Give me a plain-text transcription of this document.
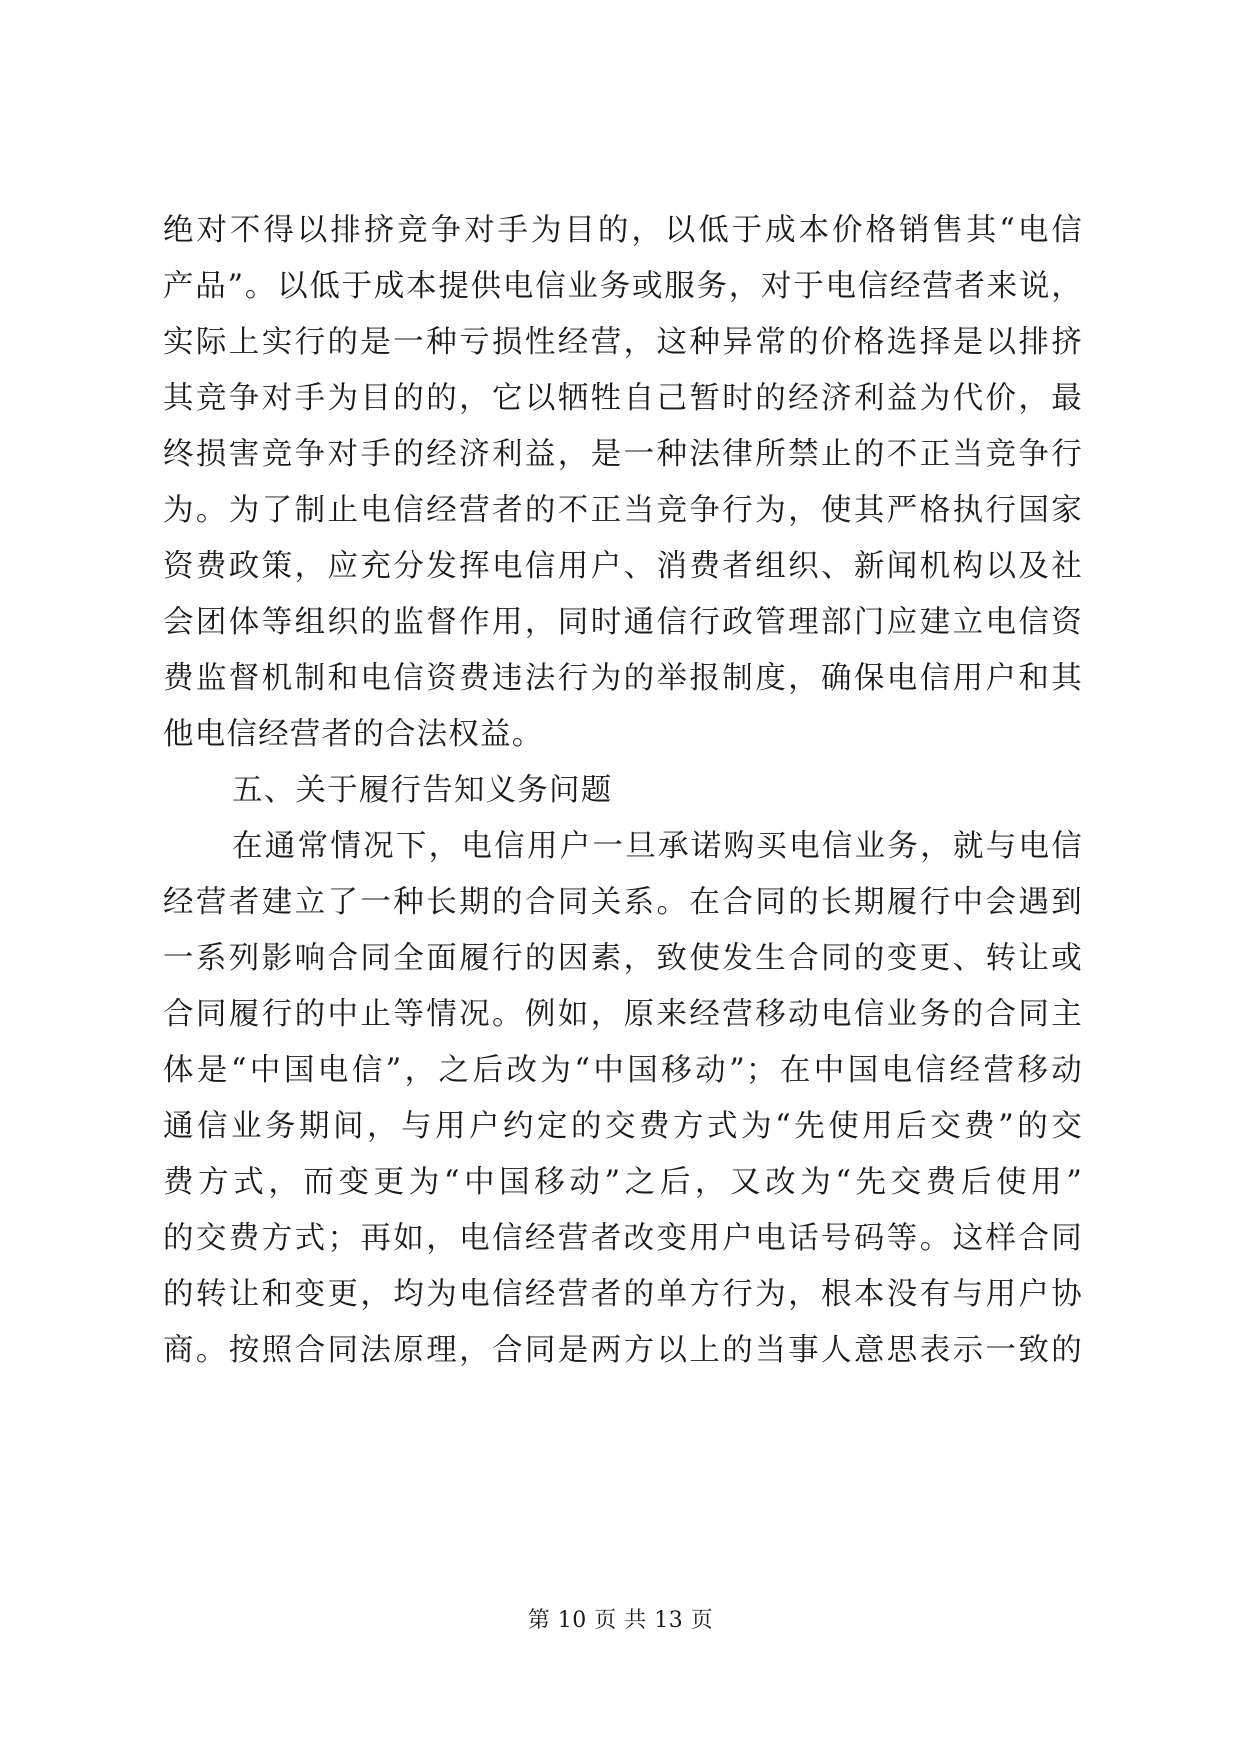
绝对不得以排挤竞争对手为目的，以低于成本价格销售其“电信
产品”。以低于成本提供电信业务或服务，对于电信经营者来说，
实际上实行的是一种亏损性经营，这种异常的价格选择是以排挤
其竞争对手为目的的，它以牺牲自己暂时的经济利益为代价，最
终损害竞争对手的经济利益，是一种法律所禁止的不正当竞争行
为。为了制止电信经营者的不正当竞争行为，使其严格执行国家
资费政策，应充分发挥电信用户、消费者组织、新闻机构以及社
会团体等组织的监督作用，同时通信行政管理部门应建立电信资
费监督机制和电信资费违法行为的举报制度，确保电信用户和其
他电信经营者的合法权益。
五、关于履行告知义务问题
在通常情况下，电信用户一旦承诺购买电信业务，就与电信
经营者建立了一种长期的合同关系。在合同的长期履行中会遇到
一系列影响合同全面履行的因素，致使发生合同的变更、转让或
合同履行的中止等情况。例如，原来经营移动电信业务的合同主
体是“中国电信”，之后改为“中国移动”；在中国电信经营移动
通信业务期间，与用户约定的交费方式为“先使用后交费”的交
费方式，而变更为“中国移动”之后，又改为“先交费后使用”
的交费方式；再如，电信经营者改变用户电话号码等。这样合同
的转让和变更，均为电信经营者的单方行为，根本没有与用户协
商。按照合同法原理，合同是两方以上的当事人意思表示一致的
第 10 页 共 13 页
